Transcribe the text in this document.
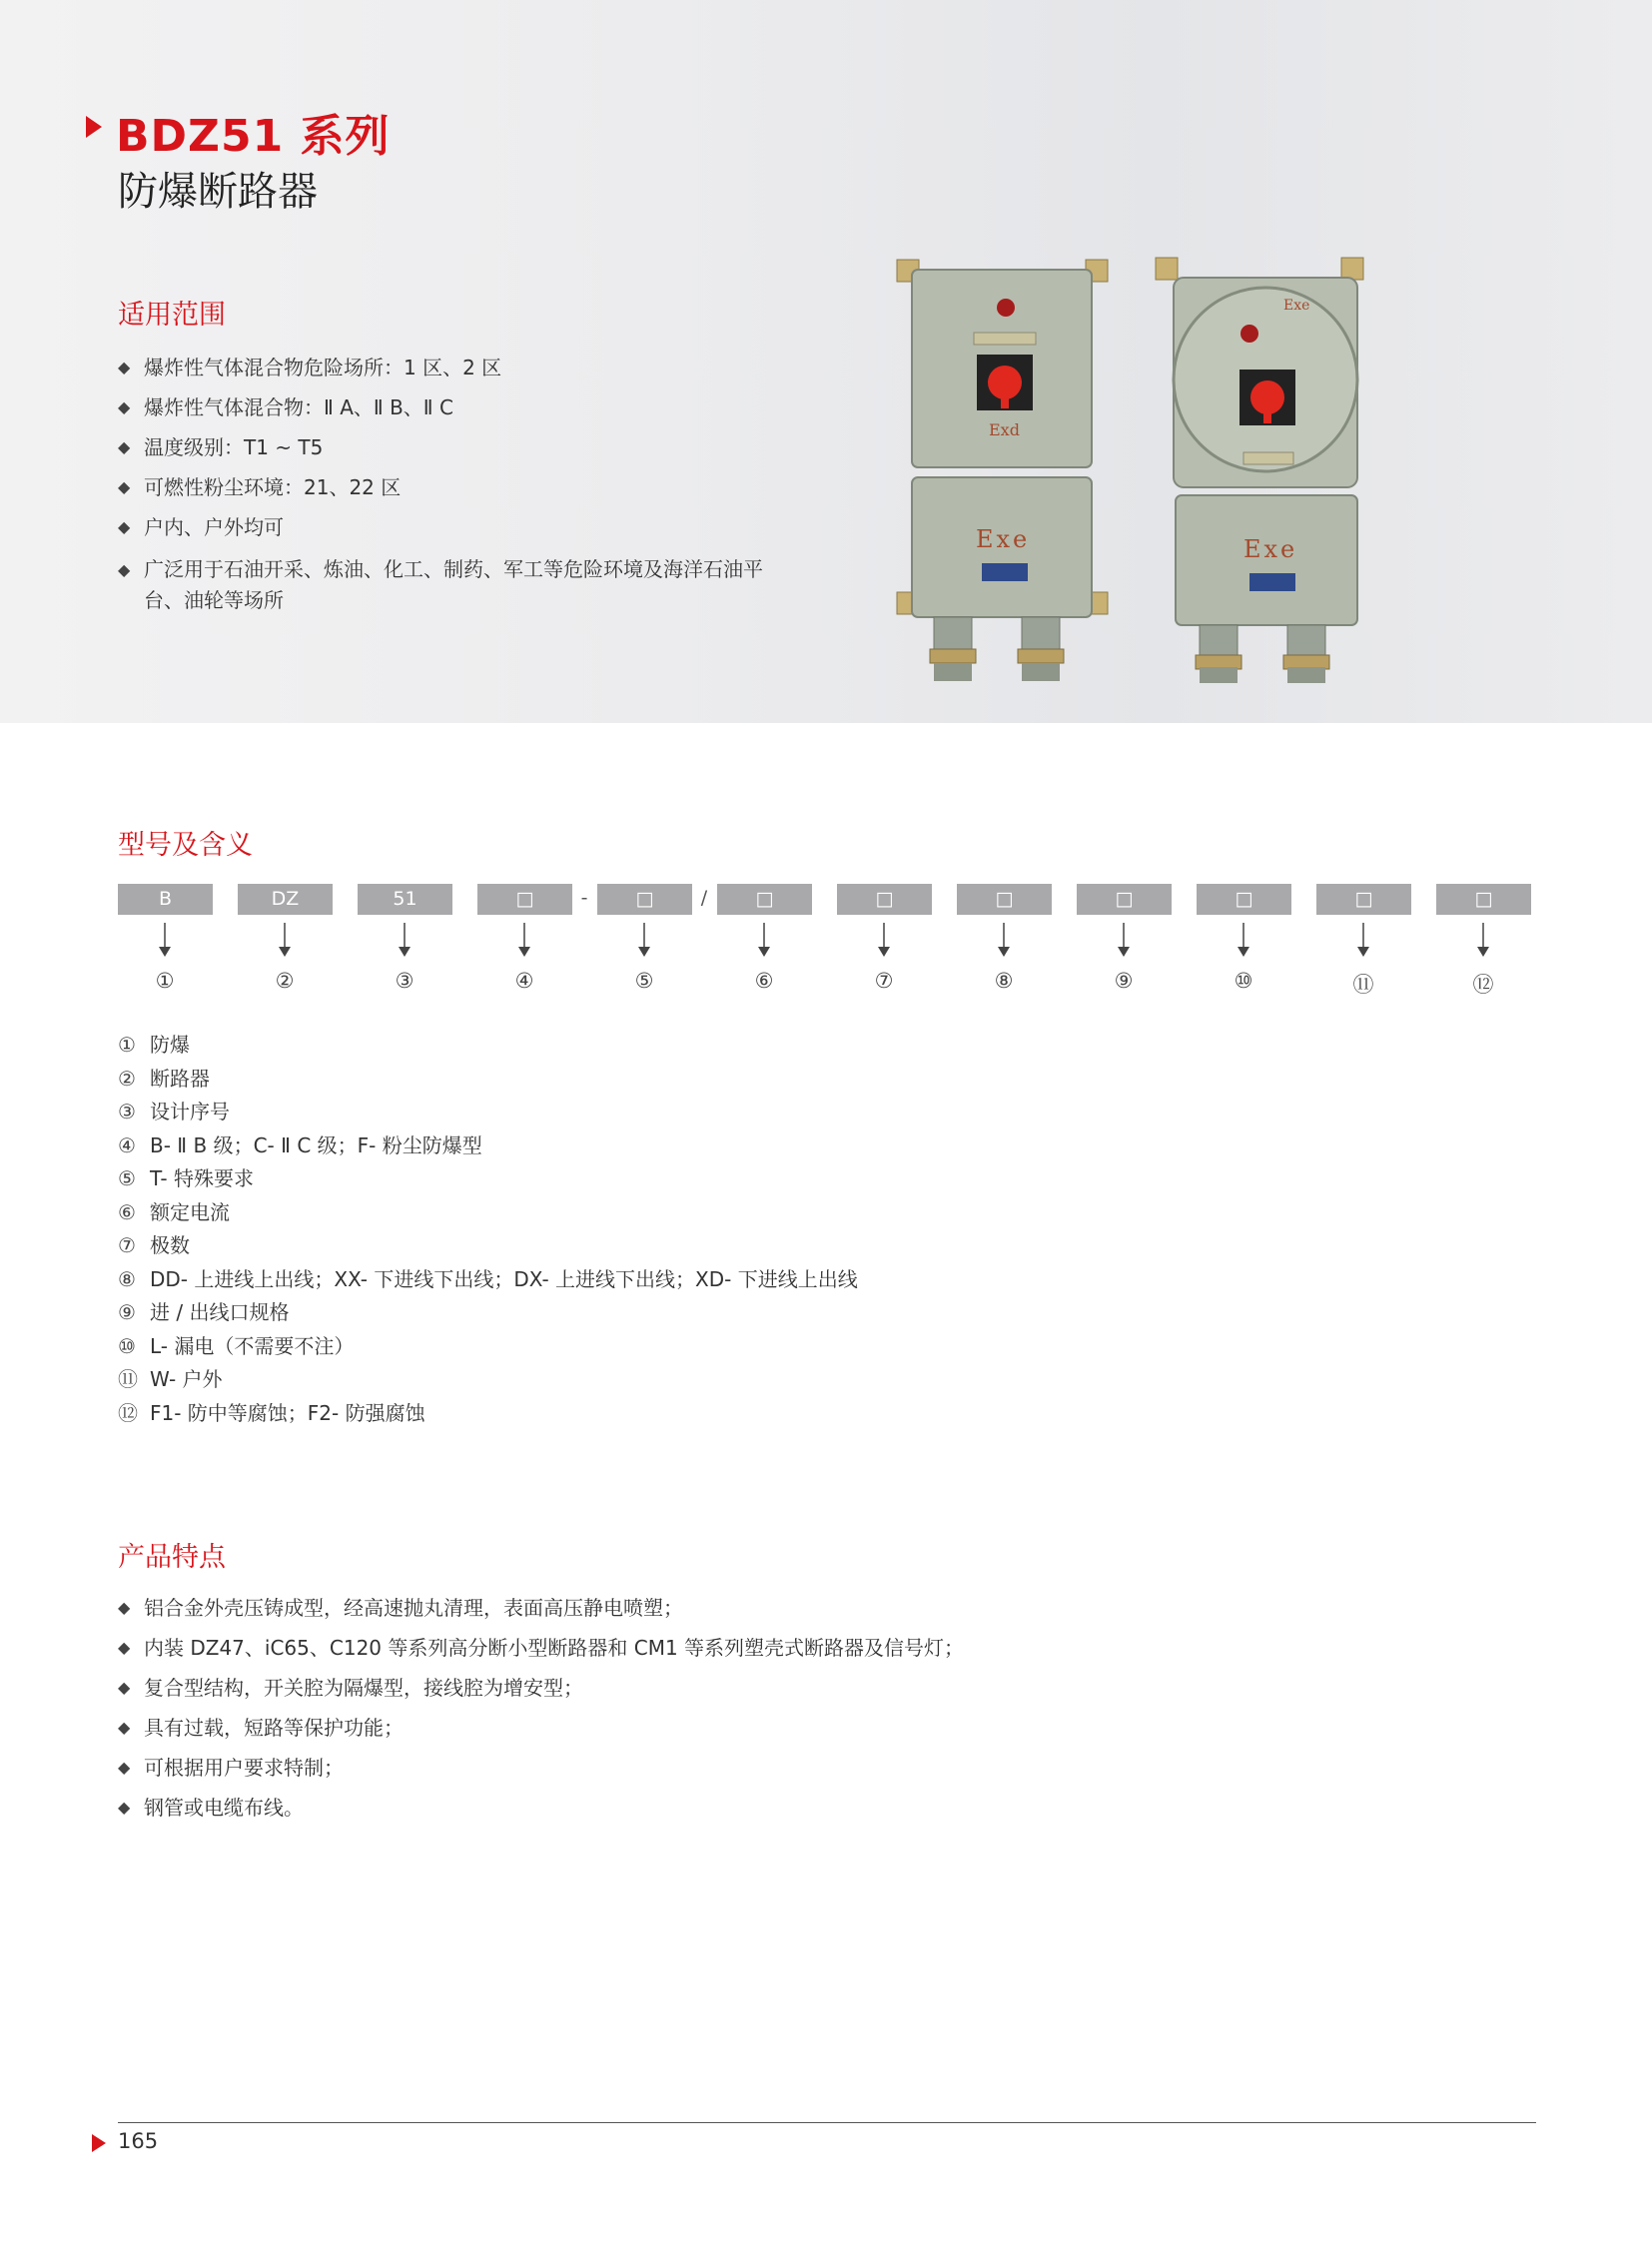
BDZ51 系列
防爆断路器
适用范围
◆ 爆炸性气体混合物危险场所：1 区、2 区
◆ 爆炸性气体混合物：Ⅱ A、Ⅱ B、Ⅱ C
◆ 温度级别：T1 ~ T5
◆ 可燃性粉尘环境：21、22 区
◆ 户内、户外均可
◆ 广泛用于石油开采、炼油、化工、制药、军工等危险环境及海洋石油平台、油轮等场所
Exd
Exe
Exe
Exe
型号及含义
B	DZ	51	□	-	□	/	□	□	□	□	□	□	□
①	②	③	④	⑤	⑥	⑦	⑧	⑨	⑩	⑪	⑫
① 防爆
② 断路器
③ 设计序号
④ B- Ⅱ B 级；C- Ⅱ C 级；F- 粉尘防爆型
⑤ T- 特殊要求
⑥ 额定电流
⑦ 极数
⑧ DD- 上进线上出线；XX- 下进线下出线；DX- 上进线下出线；XD- 下进线上出线
⑨ 进 / 出线口规格
⑩ L- 漏电（不需要不注）
⑪ W- 户外
⑫ F1- 防中等腐蚀；F2- 防强腐蚀
产品特点
◆ 铝合金外壳压铸成型，经高速抛丸清理，表面高压静电喷塑；
◆ 内装 DZ47、iC65、C120 等系列高分断小型断路器和 CM1 等系列塑壳式断路器及信号灯；
◆ 复合型结构，开关腔为隔爆型，接线腔为增安型；
◆ 具有过载，短路等保护功能；
◆ 可根据用户要求特制；
◆ 钢管或电缆布线。
165
